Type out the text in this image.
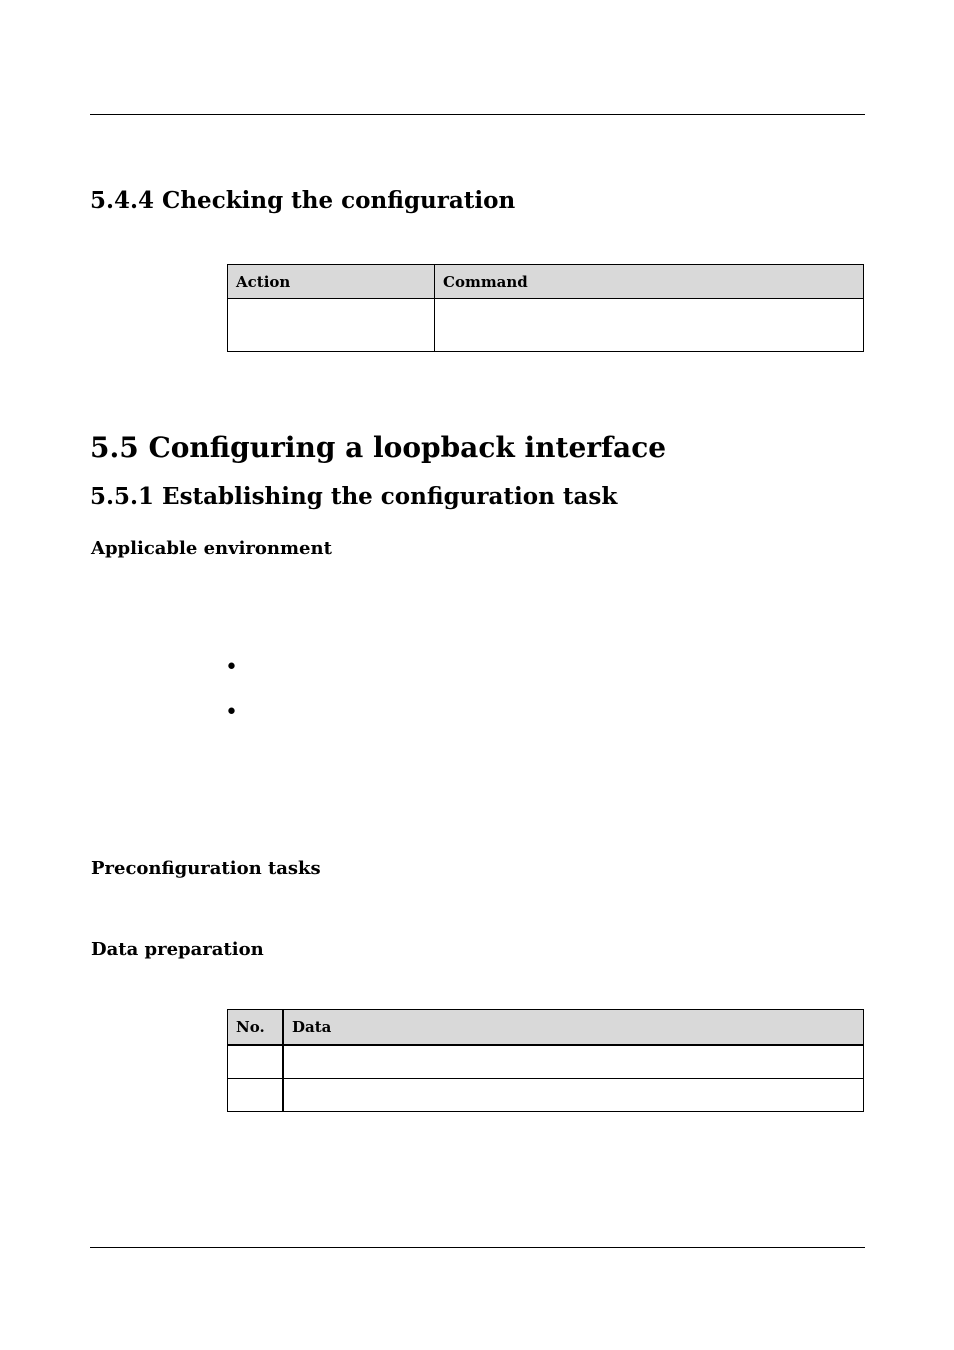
5.4.4 Checking the configuration
Action	Command

5.5 Configuring a loopback interface
5.5.1 Establishing the configuration task
Applicable environment
•
•
Preconfiguration tasks
Data preparation
No.	Data
